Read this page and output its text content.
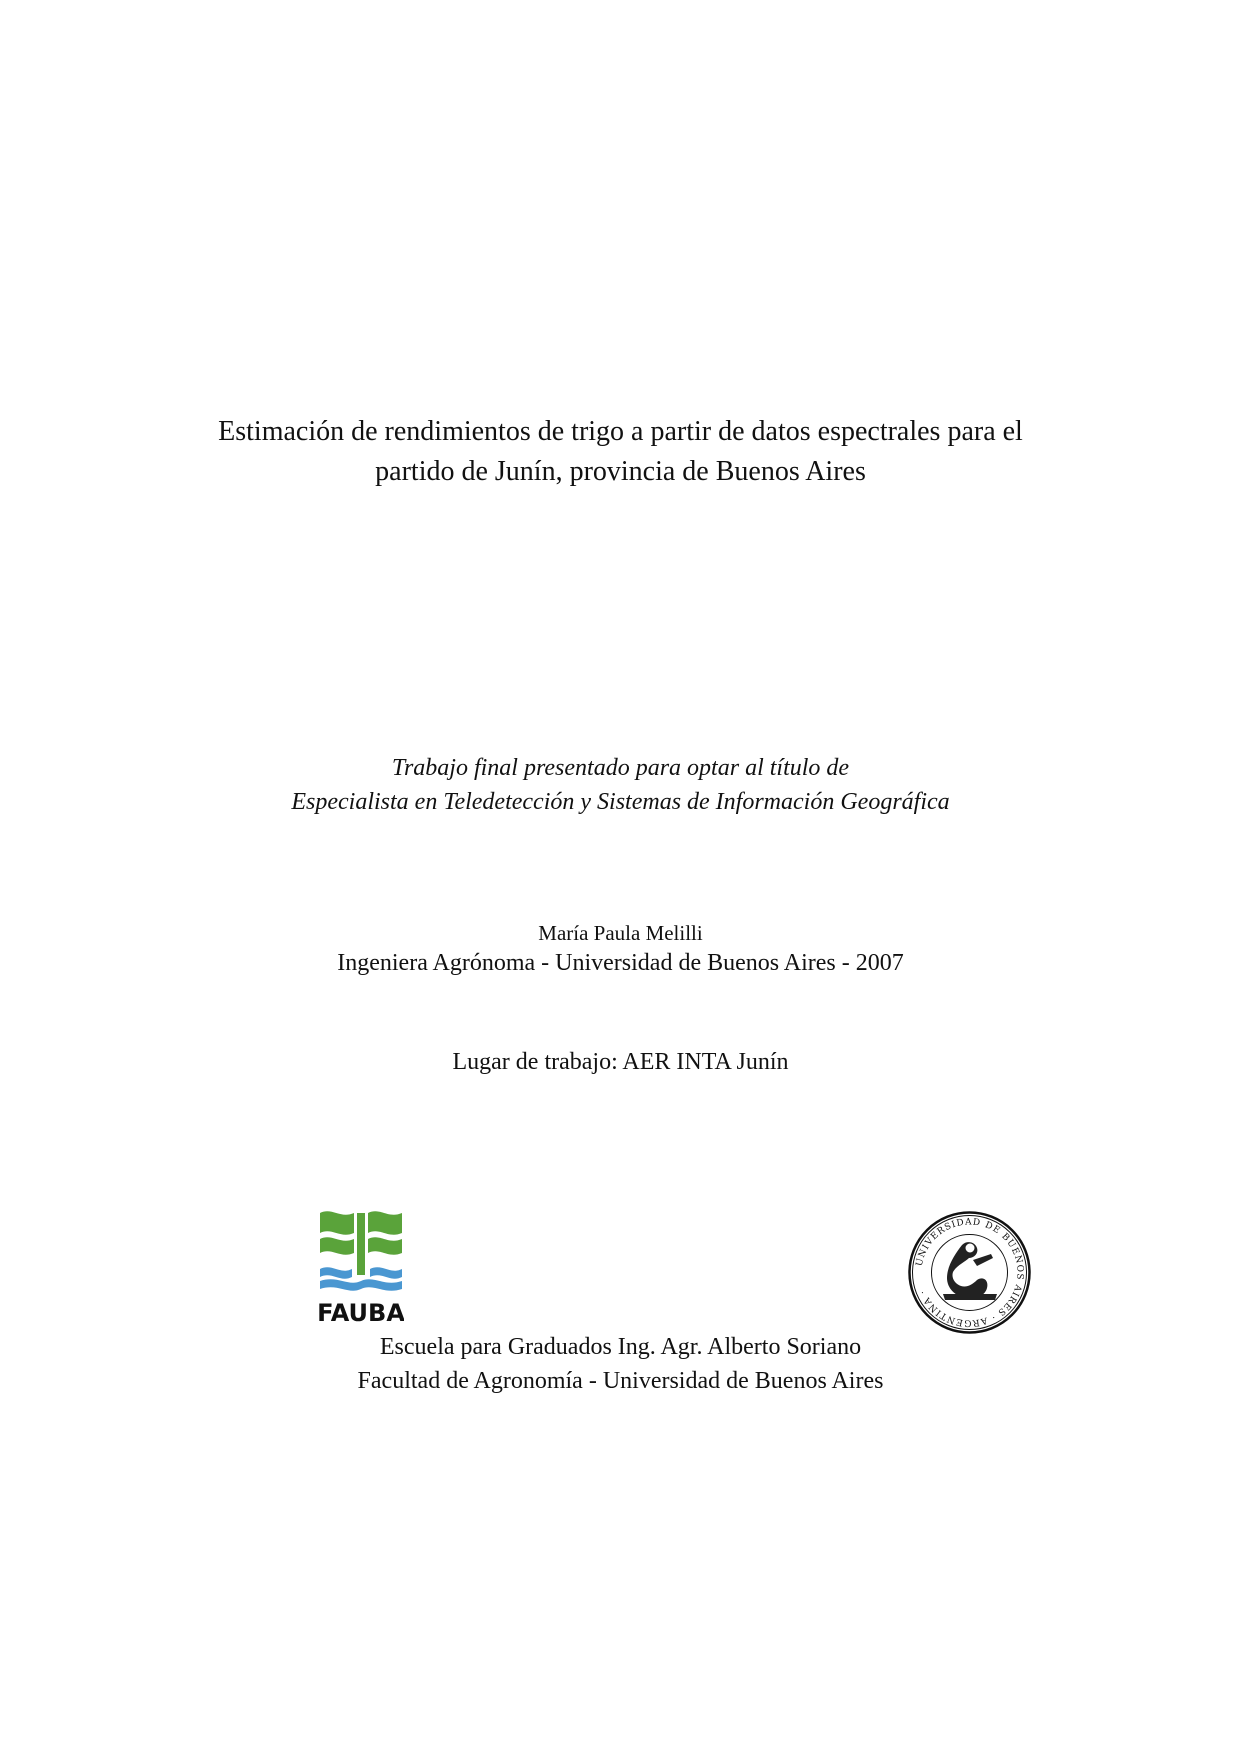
Estimación de rendimientos de trigo a partir de datos espectrales para el
partido de Junín, provincia de Buenos Aires
Trabajo final presentado para optar al título de
Especialista en Teledetección y Sistemas de Información Geográfica
María Paula Melilli
Ingeniera Agrónoma - Universidad de Buenos Aires - 2007
Lugar de trabajo: AER INTA Junín
FAUBA
UNIVERSIDAD DE BUENOS AIRES · ARGENTINA ·
Escuela para Graduados Ing. Agr. Alberto Soriano
Facultad de Agronomía - Universidad de Buenos Aires
